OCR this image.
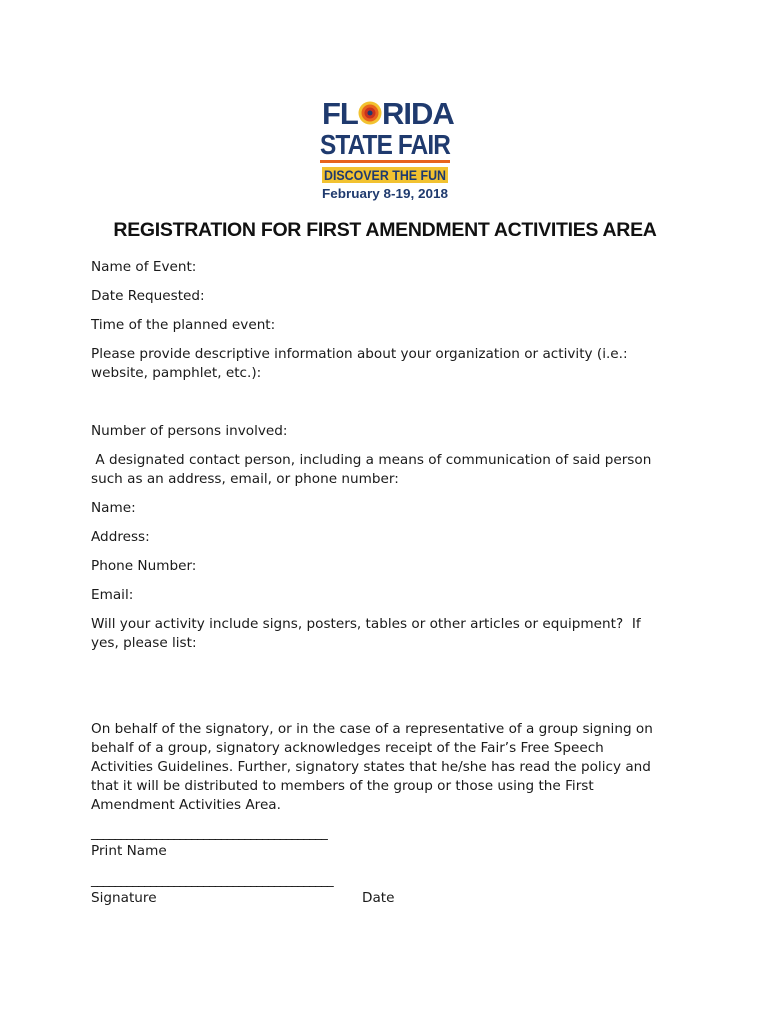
FL RIDA
STATE FAIR
DISCOVER THE FUN
February 8-19, 2018
REGISTRATION FOR FIRST AMENDMENT ACTIVITIES AREA
Name of Event:
Date Requested:
Time of the planned event:
Please provide descriptive information about your organization or activity (i.e.:
website, pamphlet, etc.):
Number of persons involved:
A designated contact person, including a means of communication of said person
such as an address, email, or phone number:
Name:
Address:
Phone Number:
Email:
Will your activity include signs, posters, tables or other articles or equipment?  If
yes, please list:
On behalf of the signatory, or in the case of a representative of a group signing on
behalf of a group, signatory acknowledges receipt of the Fair’s Free Speech
Activities Guidelines. Further, signatory states that he/she has read the policy and
that it will be distributed to members of the group or those using the First
Amendment Activities Area.
________________________________________
Print Name
_________________________________________
Signature	Date
